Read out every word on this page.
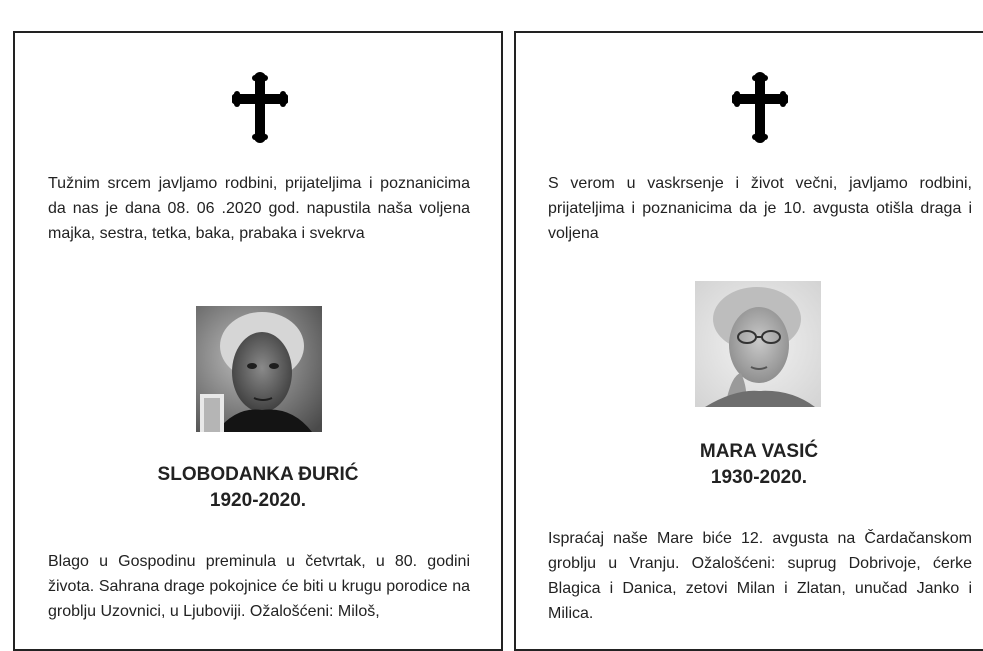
Tužnim srcem javljamo rodbini, prijateljima i poznanicima da nas je dana 08. 06 .2020 god. napustila naša voljena majka, sestra, tetka, baka, prabaka i svekrva

SLOBODANKA ĐURIĆ
1920-2020.

Blago u Gospodinu preminula u četvrtak, u 80. godini života. Sahrana drage pokojnice će biti u krugu porodice na groblju Uzovnici, u Ljuboviji. Ožalošćeni: Miloš,

S verom u vaskrsenje i život večni, javljamo rodbini, prijateljima i poznanicima da je 10. avgusta otišla draga i voljena

MARA VASIĆ
1930-2020.

Ispraćaj naše Mare biće 12. avgusta na Čardačanskom groblju u Vranju. Ožalošćeni: suprug Dobrivoje, ćerke Blagica i Danica, zetovi Milan i Zlatan, unučad Janko i Milica.
